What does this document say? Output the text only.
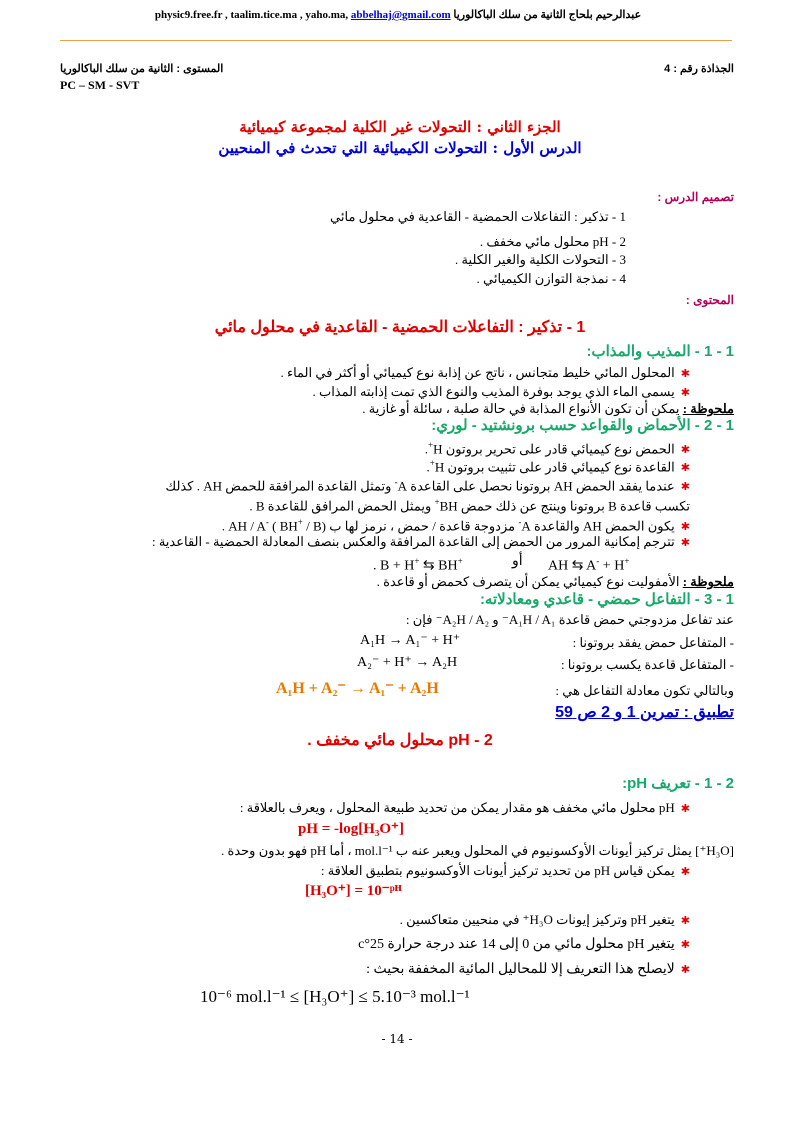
physic9.free.fr , taalim.tice.ma , yaho.ma, abbelhaj@gmail.com عبدالرحيم بلحاج الثانية من سلك الباكالوريا
الجذاذة رقم : 4
المستوى : الثانية من سلك الباكالوريا
PC – SM - SVT
الجزء الثاني : التحولات غير الكلية لمجموعة كيميائية
الدرس الأول : التحولات الكيميائية التي تحدث في المنحيين
تصميم الدرس :
1 - تذكير : التفاعلات الحمضية - القاعدية في محلول مائي
2 - pH محلول مائي مخفف .
3 - التحولات الكلية والغير الكلية .
4 - نمذجة التوازن الكيميائي .
المحتوى :
1 - تذكير : التفاعلات الحمضية - القاعدية في محلول مائي
1 - 1 - المذيب والمذاب:
✱المحلول المائي خليط متجانس ، ناتج عن إذابة نوع كيميائي أو أكثر في الماء .
✱يسمى الماء الذي يوجد بوفرة المذيب والنوع الذي تمت إذابته المذاب .
ملحوظة : يمكن أن تكون الأنواع المذابة في حالة صلبة ، سائلة أو غازية .
1 - 2 - الأحماض والقواعد حسب برونشتيد - لوري:
✱الحمض نوع كيميائي قادر على تحرير بروتون H+.
✱القاعدة نوع كيميائي قادر على تثبيت بروتون H+.
✱عندما يفقد الحمض AH بروتونا نحصل على القاعدة A- وتمثل القاعدة المرافقة للحمض AH . كذلك
تكسب قاعدة B بروتونا وينتج عن ذلك حمض BH+ ويمثل الحمض المرافق للقاعدة B .
✱يكون الحمض AH والقاعدة A- مزدوجة قاعدة / حمض ، نرمز لها ب AH / A- ( BH+ / B) .
✱تترجم إمكانية المرور من الحمض إلى القاعدة المرافقة والعكس بنصف المعادلة الحمضية - القاعدية :
. B + H+ ⇆ BH+	أو AH ⇆ A- + H+
ملحوظة : الأمفوليت نوع كيميائي يمكن أن يتصرف كحمض أو قاعدة .
1 - 3 - التفاعل حمضي - قاعدي ومعادلاته:
عند تفاعل مزدوجتي حمض قاعدة A₁H / A₁⁻ و A₂H / A₂⁻ فإن :
- المتفاعل حمض يفقد بروتونا :
A₁H → A₁⁻ + H⁺
- المتفاعل قاعدة يكسب بروتونا :
A₂⁻ + H⁺ → A₂H
وبالتالي تكون معادلة التفاعل هي :
A₁H + A₂⁻ → A₁⁻ + A₂H
تطبيق : تمرين 1 و 2 ص 59
2 - pH محلول مائي مخفف .
2 - 1 - تعريف pH:
✱pH محلول مائي مخفف هو مقدار يمكن من تحديد طبيعة المحلول ، ويعرف بالعلاقة :
pH = -log[H₃O⁺]
[H₃O⁺] يمثل تركيز أيونات الأوكسونيوم في المحلول ويعبر عنه ب mol.l⁻¹ ، أما pH فهو بدون وحدة .
✱يمكن قياس pH من تحديد تركيز أيونات الأوكسونيوم بتطبيق العلاقة :
[H₃O⁺] = 10⁻ᵖᴴ
✱يتغير pH وتركيز إيونات H₃O⁺ في منحيين متعاكسين .
✱يتغير pH محلول مائي من 0 إلى 14 عند درجة حرارة 25°c
✱لايصلح هذا التعريف إلا للمحاليل المائية المخففة بحيث :
10⁻⁶ mol.l⁻¹ ≤ [H₃O⁺] ≤ 5.10⁻³ mol.l⁻¹
- 14 -
